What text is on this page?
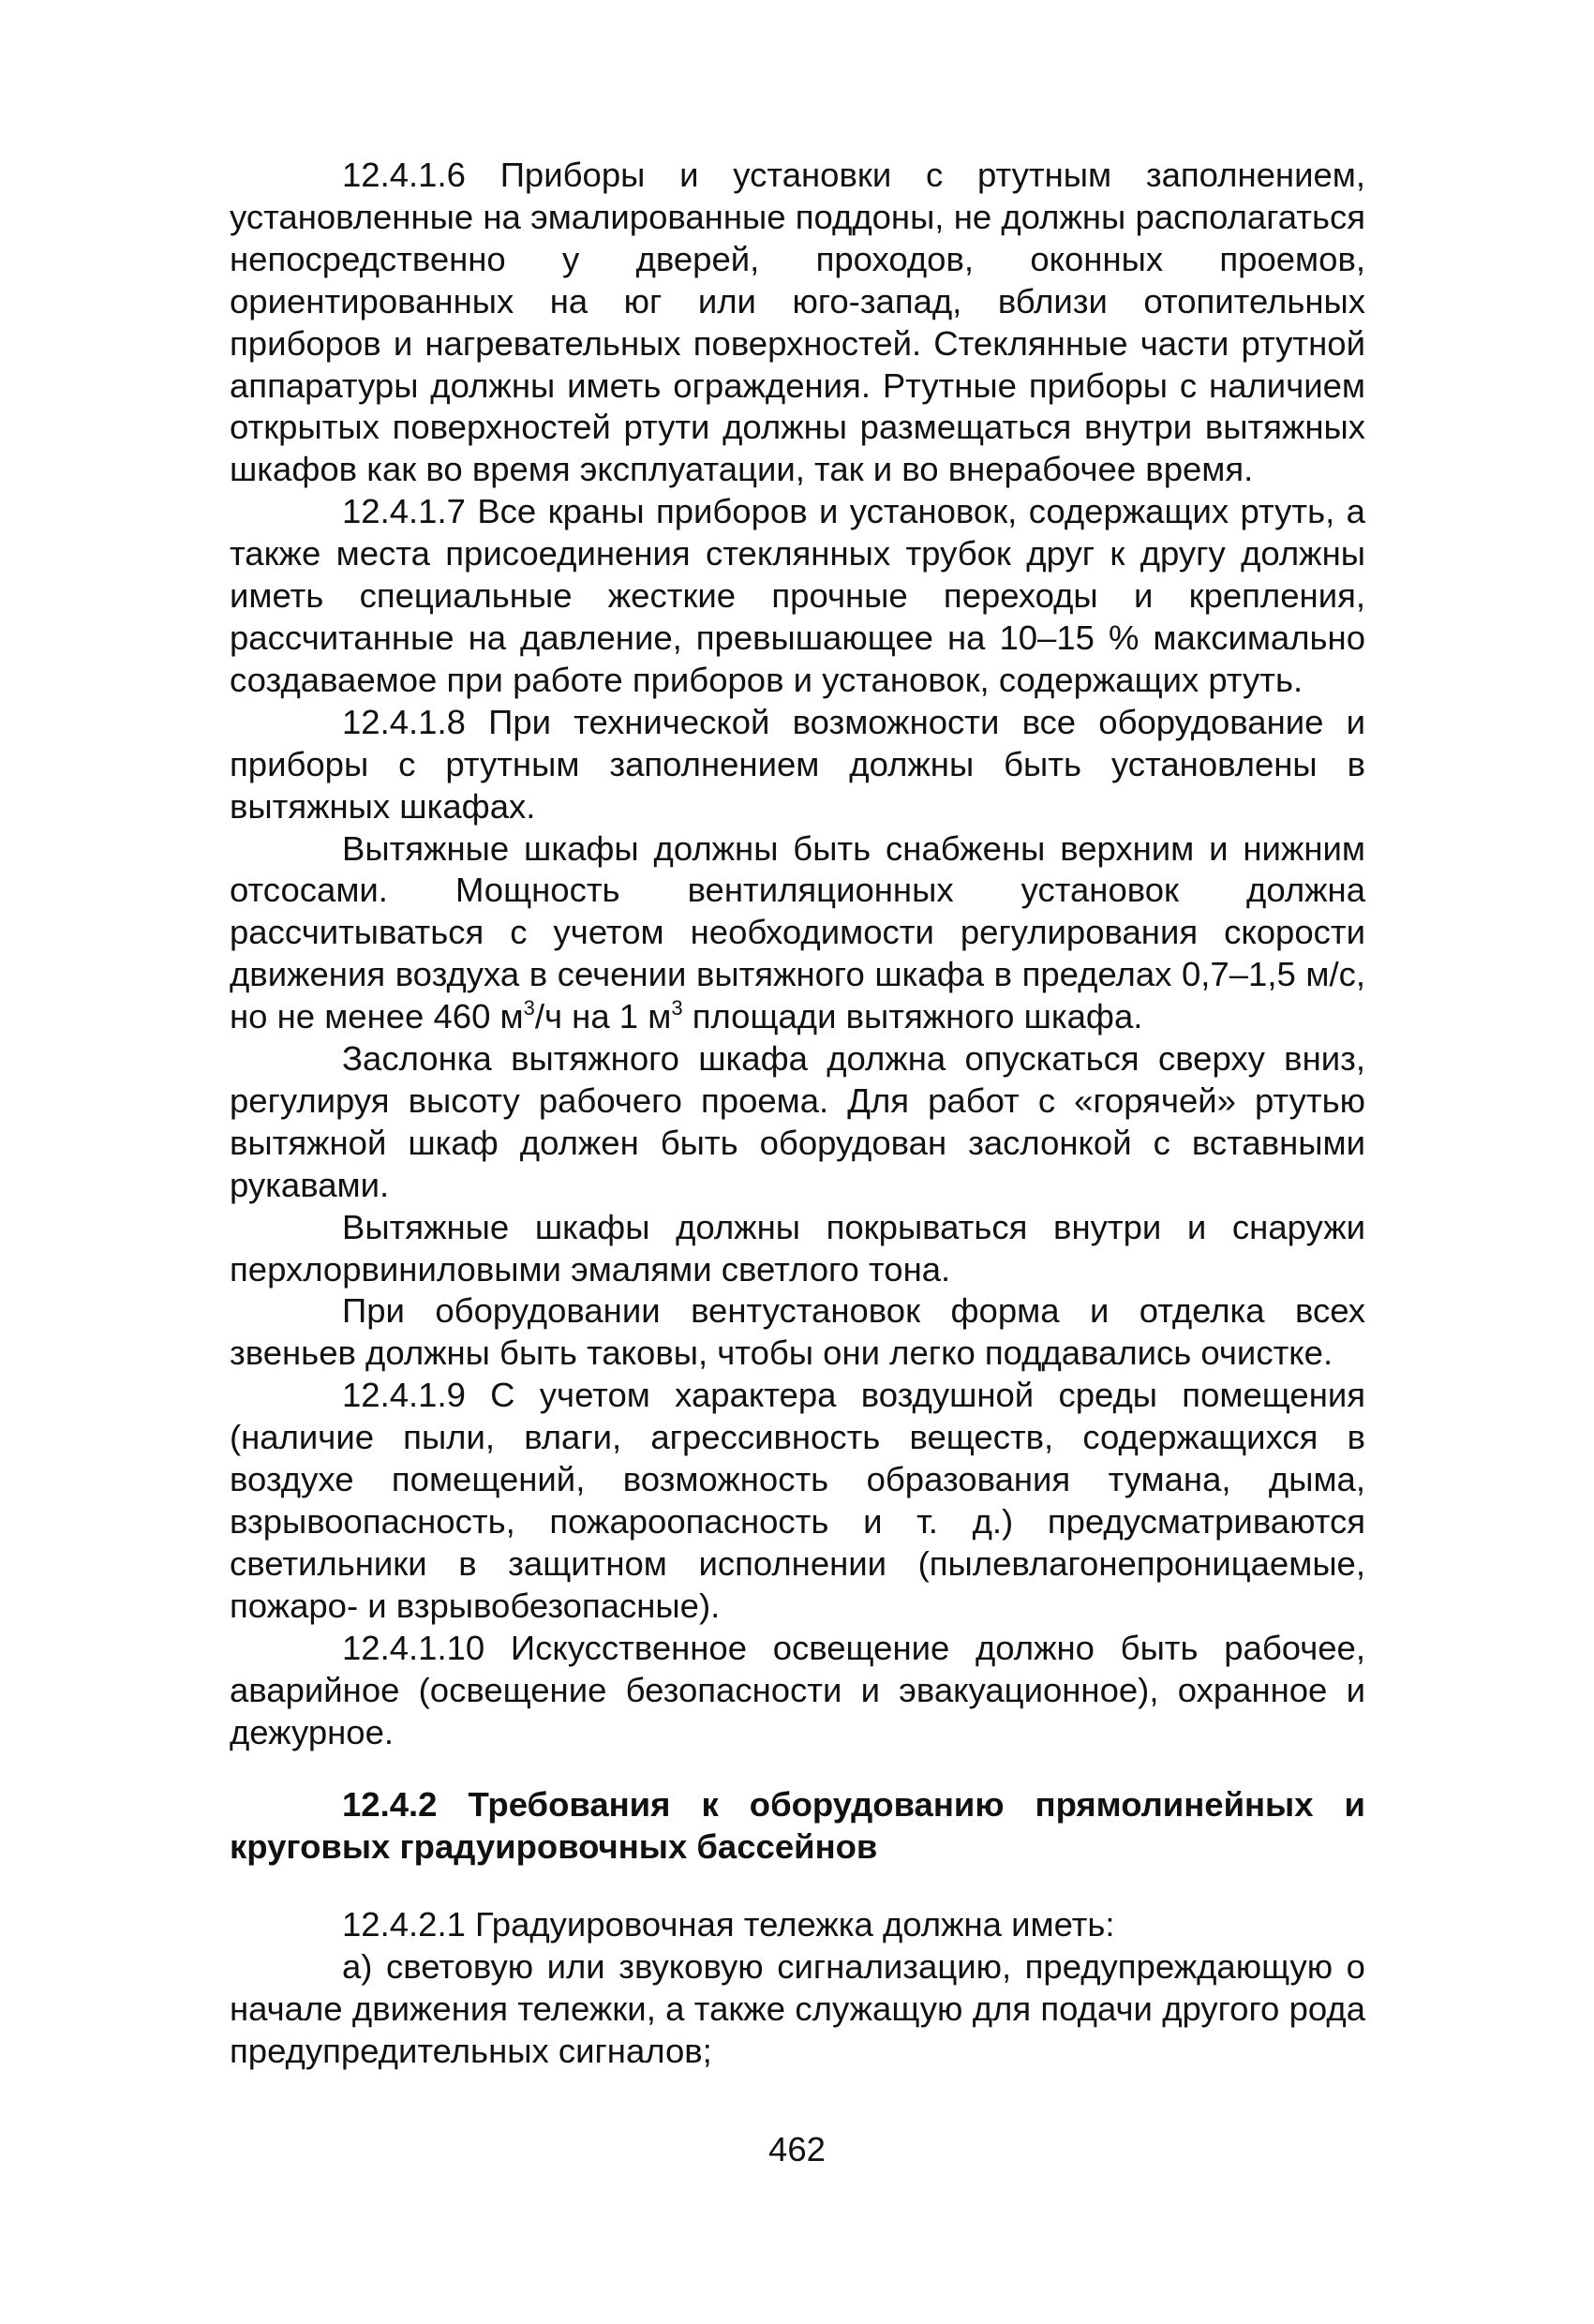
12.4.1.6 Приборы и установки с ртутным заполнением, установленные на эмалированные поддоны, не должны располагаться непосредственно у дверей, проходов, оконных проемов, ориентированных на юг или юго-запад, вблизи отопительных приборов и нагревательных поверхностей. Стеклянные части ртутной аппаратуры должны иметь ограждения. Ртутные приборы с наличием открытых поверхностей ртути должны размещаться внутри вытяжных шкафов как во время эксплуатации, так и во внерабочее время.

12.4.1.7 Все краны приборов и установок, содержащих ртуть, а также места присоединения стеклянных трубок друг к другу должны иметь специальные жесткие прочные переходы и крепления, рассчитанные на давление, превышающее на 10–15 % максимально создаваемое при работе приборов и установок, содержащих ртуть.

12.4.1.8 При технической возможности все оборудование и приборы с ртутным заполнением должны быть установлены в вытяжных шкафах.

Вытяжные шкафы должны быть снабжены верхним и нижним отсосами. Мощность вентиляционных установок должна рассчитываться с учетом необходимости регулирования скорости движения воздуха в сечении вытяжного шкафа в пределах 0,7–1,5 м/с, но не менее 460 $м^3/ч$ на 1 $м^3$ площади вытяжного шкафа.

Заслонка вытяжного шкафа должна опускаться сверху вниз, регулируя высоту рабочего проема. Для работ с «горячей» ртутью вытяжной шкаф должен быть оборудован заслонкой с вставными рукавами.

Вытяжные шкафы должны покрываться внутри и снаружи перхлорвиниловыми эмалями светлого тона.

При оборудовании вентустановок форма и отделка всех звеньев должны быть таковы, чтобы они легко поддавались очистке.

12.4.1.9 С учетом характера воздушной среды помещения (наличие пыли, влаги, агрессивность веществ, содержащихся в воздухе помещений, возможность образования тумана, дыма, взрывоопасность, пожароопасность и т. д.) предусматриваются светильники в защитном исполнении (пылевлагонепроницаемые, пожаро- и взрывобезопасные).

12.4.1.10 Искусственное освещение должно быть рабочее, аварийное (освещение безопасности и эвакуационное), охранное и дежурное.

12.4.2 Требования к оборудованию прямолинейных и круговых градуировочных бассейнов

12.4.2.1 Градуировочная тележка должна иметь:

а) световую или звуковую сигнализацию, предупреждающую о начале движения тележки, а также служащую для подачи другого рода предупредительных сигналов;

462
